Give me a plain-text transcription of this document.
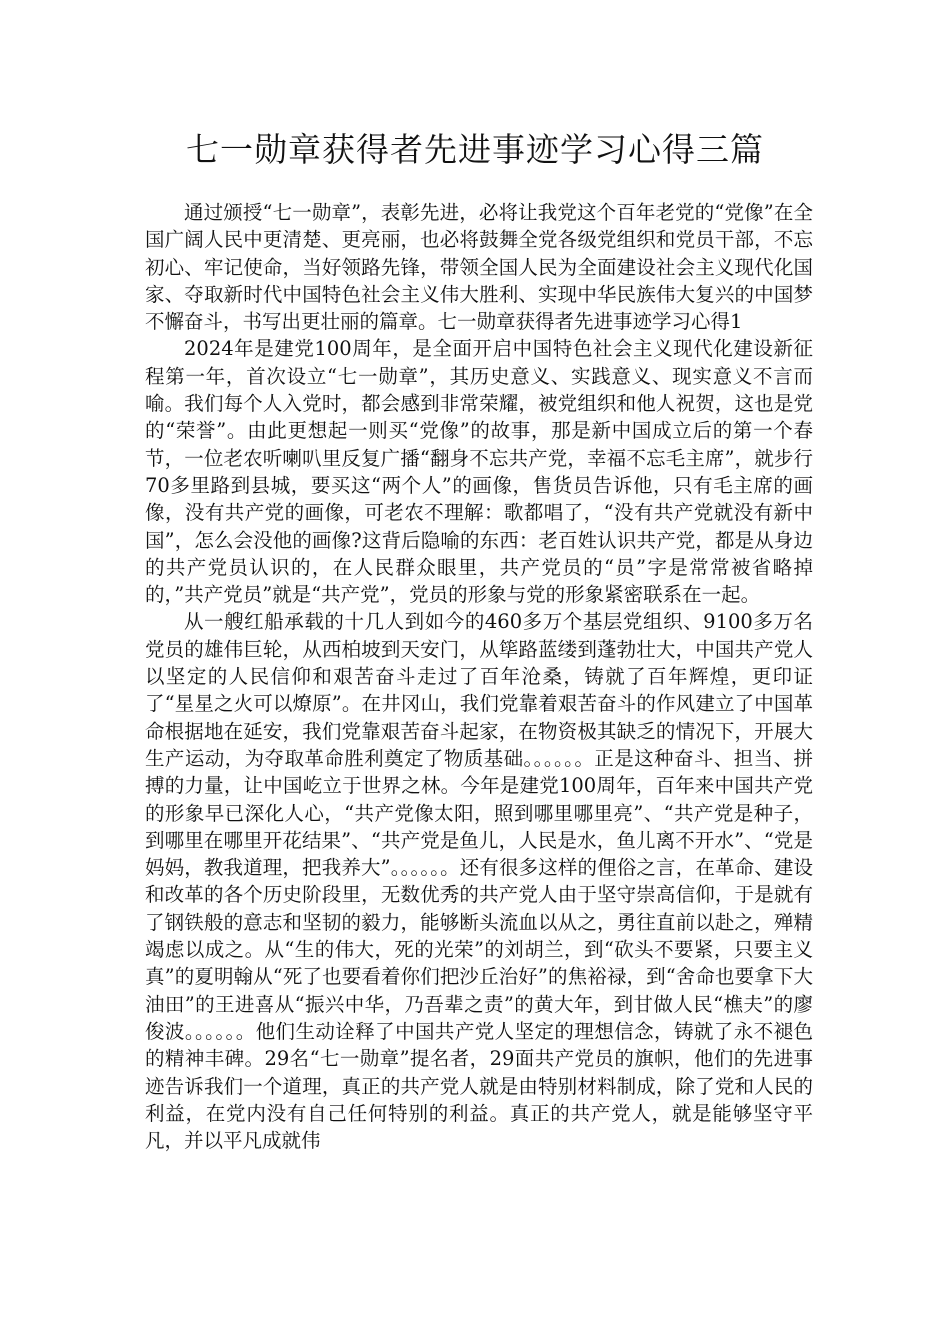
七一勋章获得者先进事迹学习心得三篇

通过颁授“七一勋章”，表彰先进，必将让我党这个百年老党的“党像”在全国广阔人民中更清楚、更亮丽，也必将鼓舞全党各级党组织和党员干部，不忘初心、牢记使命，当好领路先锋，带领全国人民为全面建设社会主义现代化国家、夺取新时代中国特色社会主义伟大胜利、实现中华民族伟大复兴的中国梦不懈奋斗，书写出更壮丽的篇章。七一勋章获得者先进事迹学习心得1

2024年是建党100周年，是全面开启中国特色社会主义现代化建设新征程第一年，首次设立“七一勋章”，其历史意义、实践意义、现实意义不言而喻。我们每个人入党时，都会感到非常荣耀，被党组织和他人祝贺，这也是党的“荣誉”。由此更想起一则买“党像”的故事，那是新中国成立后的第一个春节，一位老农听喇叭里反复广播“翻身不忘共产党，幸福不忘毛主席”，就步行70多里路到县城，要买这“两个人”的画像，售货员告诉他，只有毛主席的画像，没有共产党的画像，可老农不理解：歌都唱了，“没有共产党就没有新中国”，怎么会没他的画像?这背后隐喻的东西：老百姓认识共产党，都是从身边的共产党员认识的，在人民群众眼里，共产党员的“员”字是常常被省略掉的，”共产党员”就是“共产党”，党员的形象与党的形象紧密联系在一起。

从一艘红船承载的十几人到如今的460多万个基层党组织、9100多万名党员的雄伟巨轮，从西柏坡到天安门，从筚路蓝缕到蓬勃壮大，中国共产党人以坚定的人民信仰和艰苦奋斗走过了百年沧桑，铸就了百年辉煌，更印证了“星星之火可以燎原”。在井冈山，我们党靠着艰苦奋斗的作风建立了中国革命根据地在延安，我们党靠艰苦奋斗起家，在物资极其缺乏的情况下，开展大生产运动，为夺取革命胜利奠定了物质基础。。。。。。正是这种奋斗、担当、拼搏的力量，让中国屹立于世界之林。今年是建党100周年，百年来中国共产党的形象早已深化人心，“共产党像太阳，照到哪里哪里亮”、“共产党是种子，到哪里在哪里开花结果”、“共产党是鱼儿，人民是水，鱼儿离不开水”、“党是妈妈，教我道理，把我养大”。。。。。。还有很多这样的俚俗之言，在革命、建设和改革的各个历史阶段里，无数优秀的共产党人由于坚守崇高信仰，于是就有了钢铁般的意志和坚韧的毅力，能够断头流血以从之，勇往直前以赴之，殚精竭虑以成之。从“生的伟大，死的光荣”的刘胡兰，到“砍头不要紧，只要主义真”的夏明翰从“死了也要看着你们把沙丘治好”的焦裕禄，到“舍命也要拿下大油田”的王进喜从“振兴中华，乃吾辈之责”的黄大年，到甘做人民“樵夫”的廖俊波。。。。。。他们生动诠释了中国共产党人坚定的理想信念，铸就了永不褪色的精神丰碑。29名“七一勋章”提名者，29面共产党员的旗帜，他们的先进事迹告诉我们一个道理，真正的共产党人就是由特别材料制成，除了党和人民的利益，在党内没有自己任何特别的利益。真正的共产党人，就是能够坚守平凡，并以平凡成就伟
